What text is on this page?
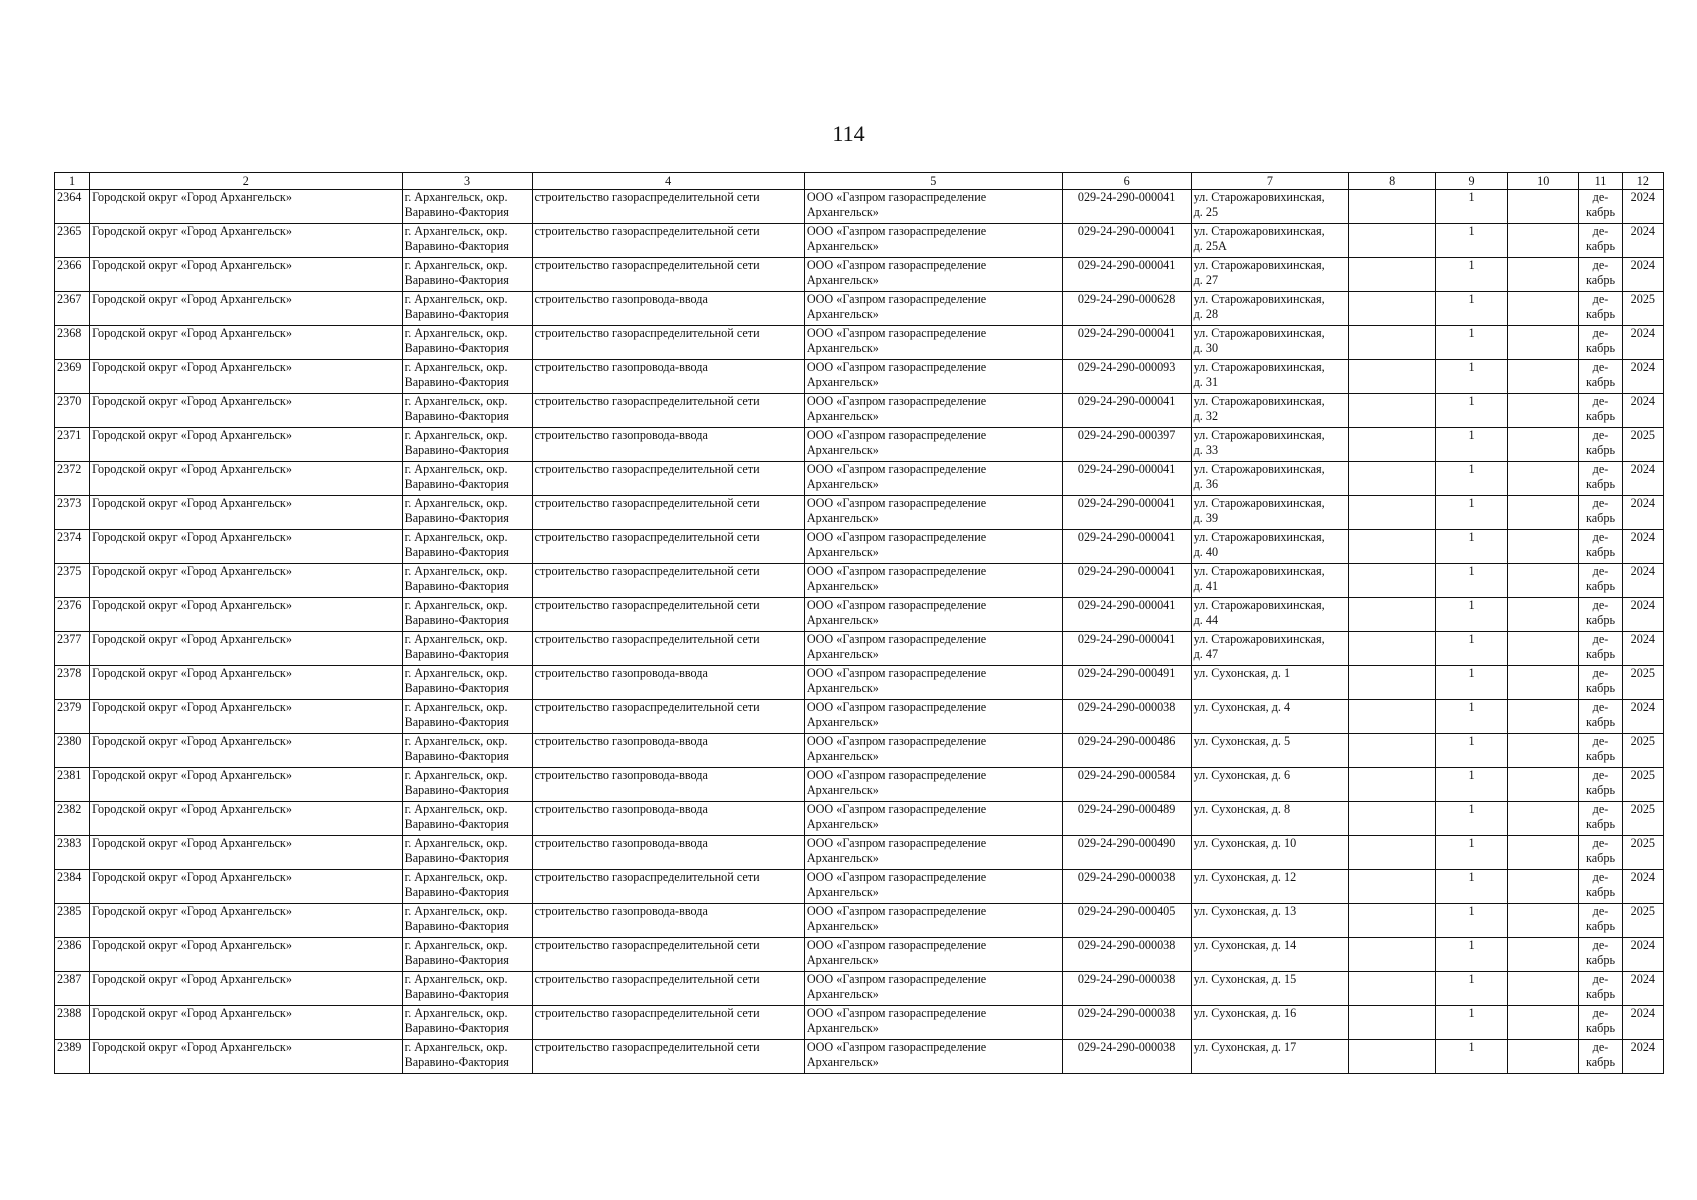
114
1	2	3	4	5	6	7	8	9	10	11	12
2364	Городской округ «Город Архангельск»	г. Архангельск, окр.
Варавино-Фактория	строительство газораспределительной сети	ООО «Газпром газораспределение
Архангельск»	029-24-290-000041	ул. Старожаровихинская,
д. 25		1		де-
кабрь	2024
2365	Городской округ «Город Архангельск»	г. Архангельск, окр.
Варавино-Фактория	строительство газораспределительной сети	ООО «Газпром газораспределение
Архангельск»	029-24-290-000041	ул. Старожаровихинская,
д. 25А		1		де-
кабрь	2024
2366	Городской округ «Город Архангельск»	г. Архангельск, окр.
Варавино-Фактория	строительство газораспределительной сети	ООО «Газпром газораспределение
Архангельск»	029-24-290-000041	ул. Старожаровихинская,
д. 27		1		де-
кабрь	2024
2367	Городской округ «Город Архангельск»	г. Архангельск, окр.
Варавино-Фактория	строительство газопровода-ввода	ООО «Газпром газораспределение
Архангельск»	029-24-290-000628	ул. Старожаровихинская,
д. 28		1		де-
кабрь	2025
2368	Городской округ «Город Архангельск»	г. Архангельск, окр.
Варавино-Фактория	строительство газораспределительной сети	ООО «Газпром газораспределение
Архангельск»	029-24-290-000041	ул. Старожаровихинская,
д. 30		1		де-
кабрь	2024
2369	Городской округ «Город Архангельск»	г. Архангельск, окр.
Варавино-Фактория	строительство газопровода-ввода	ООО «Газпром газораспределение
Архангельск»	029-24-290-000093	ул. Старожаровихинская,
д. 31		1		де-
кабрь	2024
2370	Городской округ «Город Архангельск»	г. Архангельск, окр.
Варавино-Фактория	строительство газораспределительной сети	ООО «Газпром газораспределение
Архангельск»	029-24-290-000041	ул. Старожаровихинская,
д. 32		1		де-
кабрь	2024
2371	Городской округ «Город Архангельск»	г. Архангельск, окр.
Варавино-Фактория	строительство газопровода-ввода	ООО «Газпром газораспределение
Архангельск»	029-24-290-000397	ул. Старожаровихинская,
д. 33		1		де-
кабрь	2025
2372	Городской округ «Город Архангельск»	г. Архангельск, окр.
Варавино-Фактория	строительство газораспределительной сети	ООО «Газпром газораспределение
Архангельск»	029-24-290-000041	ул. Старожаровихинская,
д. 36		1		де-
кабрь	2024
2373	Городской округ «Город Архангельск»	г. Архангельск, окр.
Варавино-Фактория	строительство газораспределительной сети	ООО «Газпром газораспределение
Архангельск»	029-24-290-000041	ул. Старожаровихинская,
д. 39		1		де-
кабрь	2024
2374	Городской округ «Город Архангельск»	г. Архангельск, окр.
Варавино-Фактория	строительство газораспределительной сети	ООО «Газпром газораспределение
Архангельск»	029-24-290-000041	ул. Старожаровихинская,
д. 40		1		де-
кабрь	2024
2375	Городской округ «Город Архангельск»	г. Архангельск, окр.
Варавино-Фактория	строительство газораспределительной сети	ООО «Газпром газораспределение
Архангельск»	029-24-290-000041	ул. Старожаровихинская,
д. 41		1		де-
кабрь	2024
2376	Городской округ «Город Архангельск»	г. Архангельск, окр.
Варавино-Фактория	строительство газораспределительной сети	ООО «Газпром газораспределение
Архангельск»	029-24-290-000041	ул. Старожаровихинская,
д. 44		1		де-
кабрь	2024
2377	Городской округ «Город Архангельск»	г. Архангельск, окр.
Варавино-Фактория	строительство газораспределительной сети	ООО «Газпром газораспределение
Архангельск»	029-24-290-000041	ул. Старожаровихинская,
д. 47		1		де-
кабрь	2024
2378	Городской округ «Город Архангельск»	г. Архангельск, окр.
Варавино-Фактория	строительство газопровода-ввода	ООО «Газпром газораспределение
Архангельск»	029-24-290-000491	ул. Сухонская, д. 1		1		де-
кабрь	2025
2379	Городской округ «Город Архангельск»	г. Архангельск, окр.
Варавино-Фактория	строительство газораспределительной сети	ООО «Газпром газораспределение
Архангельск»	029-24-290-000038	ул. Сухонская, д. 4		1		де-
кабрь	2024
2380	Городской округ «Город Архангельск»	г. Архангельск, окр.
Варавино-Фактория	строительство газопровода-ввода	ООО «Газпром газораспределение
Архангельск»	029-24-290-000486	ул. Сухонская, д. 5		1		де-
кабрь	2025
2381	Городской округ «Город Архангельск»	г. Архангельск, окр.
Варавино-Фактория	строительство газопровода-ввода	ООО «Газпром газораспределение
Архангельск»	029-24-290-000584	ул. Сухонская, д. 6		1		де-
кабрь	2025
2382	Городской округ «Город Архангельск»	г. Архангельск, окр.
Варавино-Фактория	строительство газопровода-ввода	ООО «Газпром газораспределение
Архангельск»	029-24-290-000489	ул. Сухонская, д. 8		1		де-
кабрь	2025
2383	Городской округ «Город Архангельск»	г. Архангельск, окр.
Варавино-Фактория	строительство газопровода-ввода	ООО «Газпром газораспределение
Архангельск»	029-24-290-000490	ул. Сухонская, д. 10		1		де-
кабрь	2025
2384	Городской округ «Город Архангельск»	г. Архангельск, окр.
Варавино-Фактория	строительство газораспределительной сети	ООО «Газпром газораспределение
Архангельск»	029-24-290-000038	ул. Сухонская, д. 12		1		де-
кабрь	2024
2385	Городской округ «Город Архангельск»	г. Архангельск, окр.
Варавино-Фактория	строительство газопровода-ввода	ООО «Газпром газораспределение
Архангельск»	029-24-290-000405	ул. Сухонская, д. 13		1		де-
кабрь	2025
2386	Городской округ «Город Архангельск»	г. Архангельск, окр.
Варавино-Фактория	строительство газораспределительной сети	ООО «Газпром газораспределение
Архангельск»	029-24-290-000038	ул. Сухонская, д. 14		1		де-
кабрь	2024
2387	Городской округ «Город Архангельск»	г. Архангельск, окр.
Варавино-Фактория	строительство газораспределительной сети	ООО «Газпром газораспределение
Архангельск»	029-24-290-000038	ул. Сухонская, д. 15		1		де-
кабрь	2024
2388	Городской округ «Город Архангельск»	г. Архангельск, окр.
Варавино-Фактория	строительство газораспределительной сети	ООО «Газпром газораспределение
Архангельск»	029-24-290-000038	ул. Сухонская, д. 16		1		де-
кабрь	2024
2389	Городской округ «Город Архангельск»	г. Архангельск, окр.
Варавино-Фактория	строительство газораспределительной сети	ООО «Газпром газораспределение
Архангельск»	029-24-290-000038	ул. Сухонская, д. 17		1		де-
кабрь	2024
